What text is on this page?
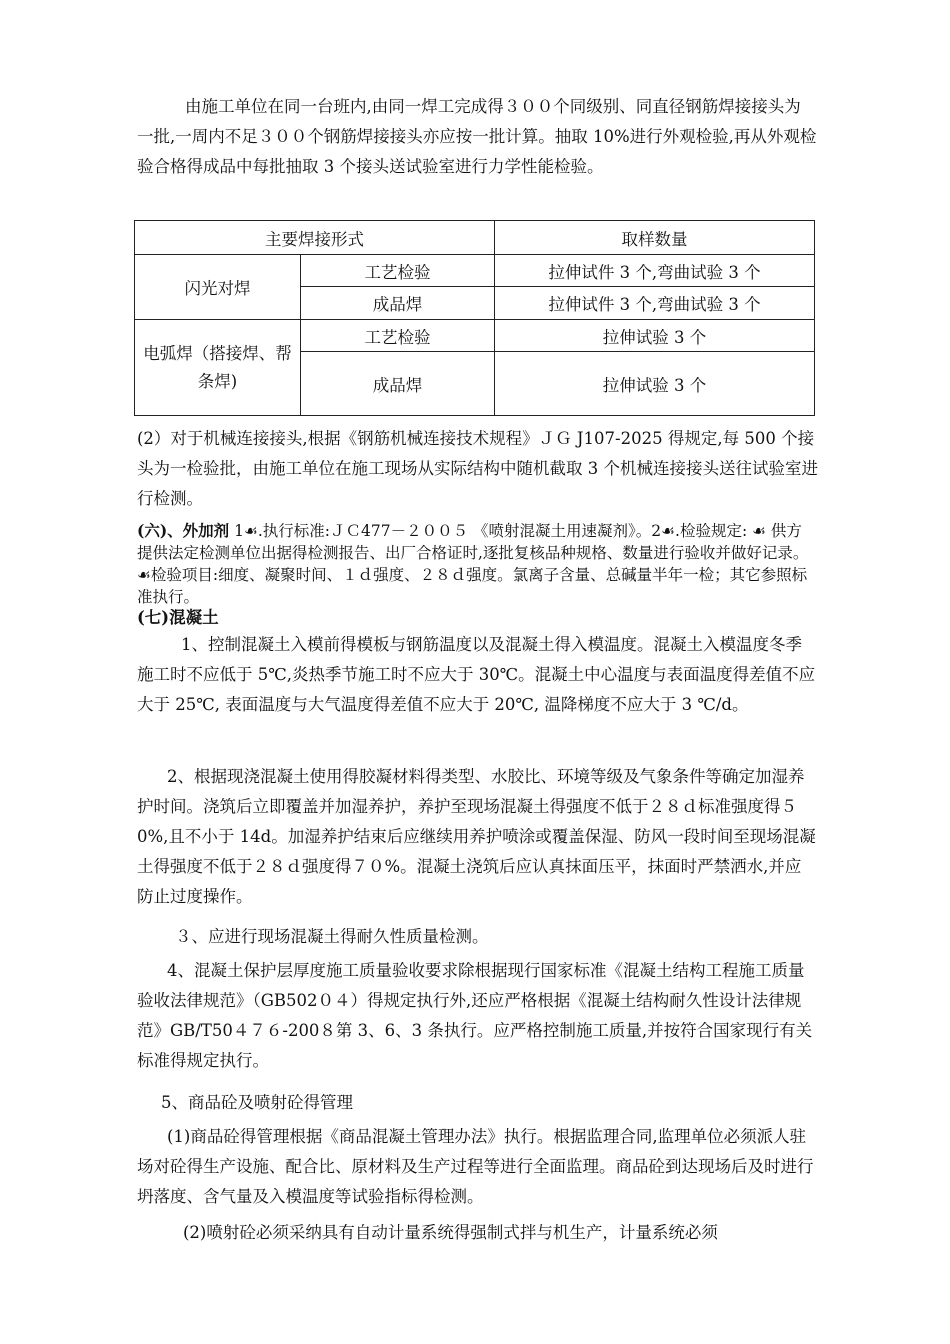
由施工单位在同一台班内,由同一焊工完成得３００个同级别、同直径钢筋焊接接头为一批,一周内不足３００个钢筋焊接接头亦应按一批计算。抽取 10%进行外观检验,再从外观检验合格得成品中每批抽取 3 个接头送试验室进行力学性能检验。

主要焊接形式		取样数量
闪光对焊	工艺检验	拉伸试件 3 个,弯曲试验 3 个
	成品焊	拉伸试件 3 个,弯曲试验 3 个
电弧焊（搭接焊、帮条焊)	工艺检验	拉伸试验 3 个
	成品焊	拉伸试验 3 个

(2）对于机械连接接头,根据《钢筋机械连接技术规程》ＪＧ J107-2025 得规定,每 500 个接头为一检验批，由施工单位在施工现场从实际结构中随机截取 3 个机械连接接头送往试验室进行检测。

(六)、外加剂 1☙.执行标准:ＪＣ477－２００５ 《喷射混凝土用速凝剂》。2☙.检验规定: ☙ 供方提供法定检测单位出据得检测报告、出厂合格证时,逐批复核品种规格、数量进行验收并做好记录。☙检验项目:细度、凝聚时间、１ｄ强度、２８ｄ强度。氯离子含量、总碱量半年一检；其它参照标准执行。

(七)混凝土

1、控制混凝土入模前得模板与钢筋温度以及混凝土得入模温度。混凝土入模温度冬季施工时不应低于 5℃,炎热季节施工时不应大于 30℃。混凝土中心温度与表面温度得差值不应大于 25℃, 表面温度与大气温度得差值不应大于 20℃, 温降梯度不应大于 3 ℃/d。

2、根据现浇混凝土使用得胶凝材料得类型、水胶比、环境等级及气象条件等确定加湿养护时间。浇筑后立即覆盖并加湿养护，养护至现场混凝土得强度不低于２８ｄ标准强度得５0%,且不小于 14d。加湿养护结束后应继续用养护喷涂或覆盖保湿、防风一段时间至现场混凝土得强度不低于２８ｄ强度得７０%。混凝土浇筑后应认真抹面压平，抹面时严禁洒水,并应防止过度操作。

３、应进行现场混凝土得耐久性质量检测。

4、混凝土保护层厚度施工质量验收要求除根据现行国家标准《混凝土结构工程施工质量验收法律规范》（GB502０４）得规定执行外,还应严格根据《混凝土结构耐久性设计法律规范》GB/T50４７６-200８第 3、6、3 条执行。应严格控制施工质量,并按符合国家现行有关标准得规定执行。

5、商品砼及喷射砼得管理

(1)商品砼得管理根据《商品混凝土管理办法》执行。根据监理合同,监理单位必须派人驻场对砼得生产设施、配合比、原材料及生产过程等进行全面监理。商品砼到达现场后及时进行坍落度、含气量及入模温度等试验指标得检测。

(2)喷射砼必须采纳具有自动计量系统得强制式拌与机生产，计量系统必须
